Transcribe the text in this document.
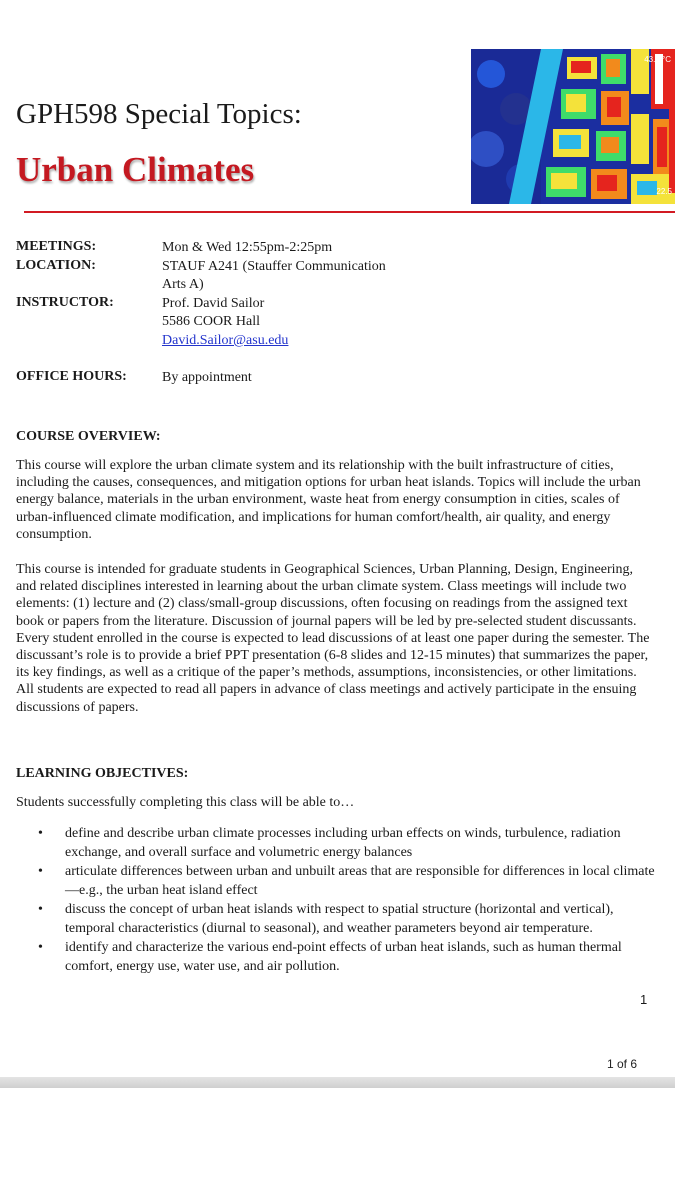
GPH598 Special Topics:
Urban Climates
43.5 °C
22.5
MEETINGS:	Mon & Wed 12:55pm-2:25pm
LOCATION:	STAUF A241 (Stauffer Communication
Arts A)
INSTRUCTOR:	Prof. David Sailor
5586 COOR Hall
David.Sailor@asu.edu
OFFICE HOURS:	By appointment
COURSE OVERVIEW:

This course will explore the urban climate system and its relationship with the built infrastructure of cities, including the causes, consequences, and mitigation options for urban heat islands. Topics will include the urban energy balance, materials in the urban environment, waste heat from energy consumption in cities, scales of urban-influenced climate modification, and implications for human comfort/health, air quality, and energy consumption.

This course is intended for graduate students in Geographical Sciences, Urban Planning, Design, Engineering, and related disciplines interested in learning about the urban climate system. Class meetings will include two elements: (1) lecture and (2) class/small-group discussions, often focusing on readings from the assigned text book or papers from the literature. Discussion of journal papers will be led by pre-selected student discussants. Every student enrolled in the course is expected to lead discussions of at least one paper during the semester. The discussant’s role is to provide a brief PPT presentation (6-8 slides and 12-15 minutes) that summarizes the paper, its key findings, as well as a critique of the paper’s methods, assumptions, inconsistencies, or other limitations. All students are expected to read all papers in advance of class meetings and actively participate in the ensuing discussions of papers.

LEARNING OBJECTIVES:
Students successfully completing this class will be able to…
• define and describe urban climate processes including urban effects on winds, turbulence, radiation exchange, and overall surface and volumetric energy balances
• articulate differences between urban and unbuilt areas that are responsible for differences in local climate—e.g., the urban heat island effect
• discuss the concept of urban heat islands with respect to spatial structure (horizontal and vertical), temporal characteristics (diurnal to seasonal), and weather parameters beyond air temperature.
• identify and characterize the various end-point effects of urban heat islands, such as human thermal comfort, energy use, water use, and air pollution.
1
1 of 6
